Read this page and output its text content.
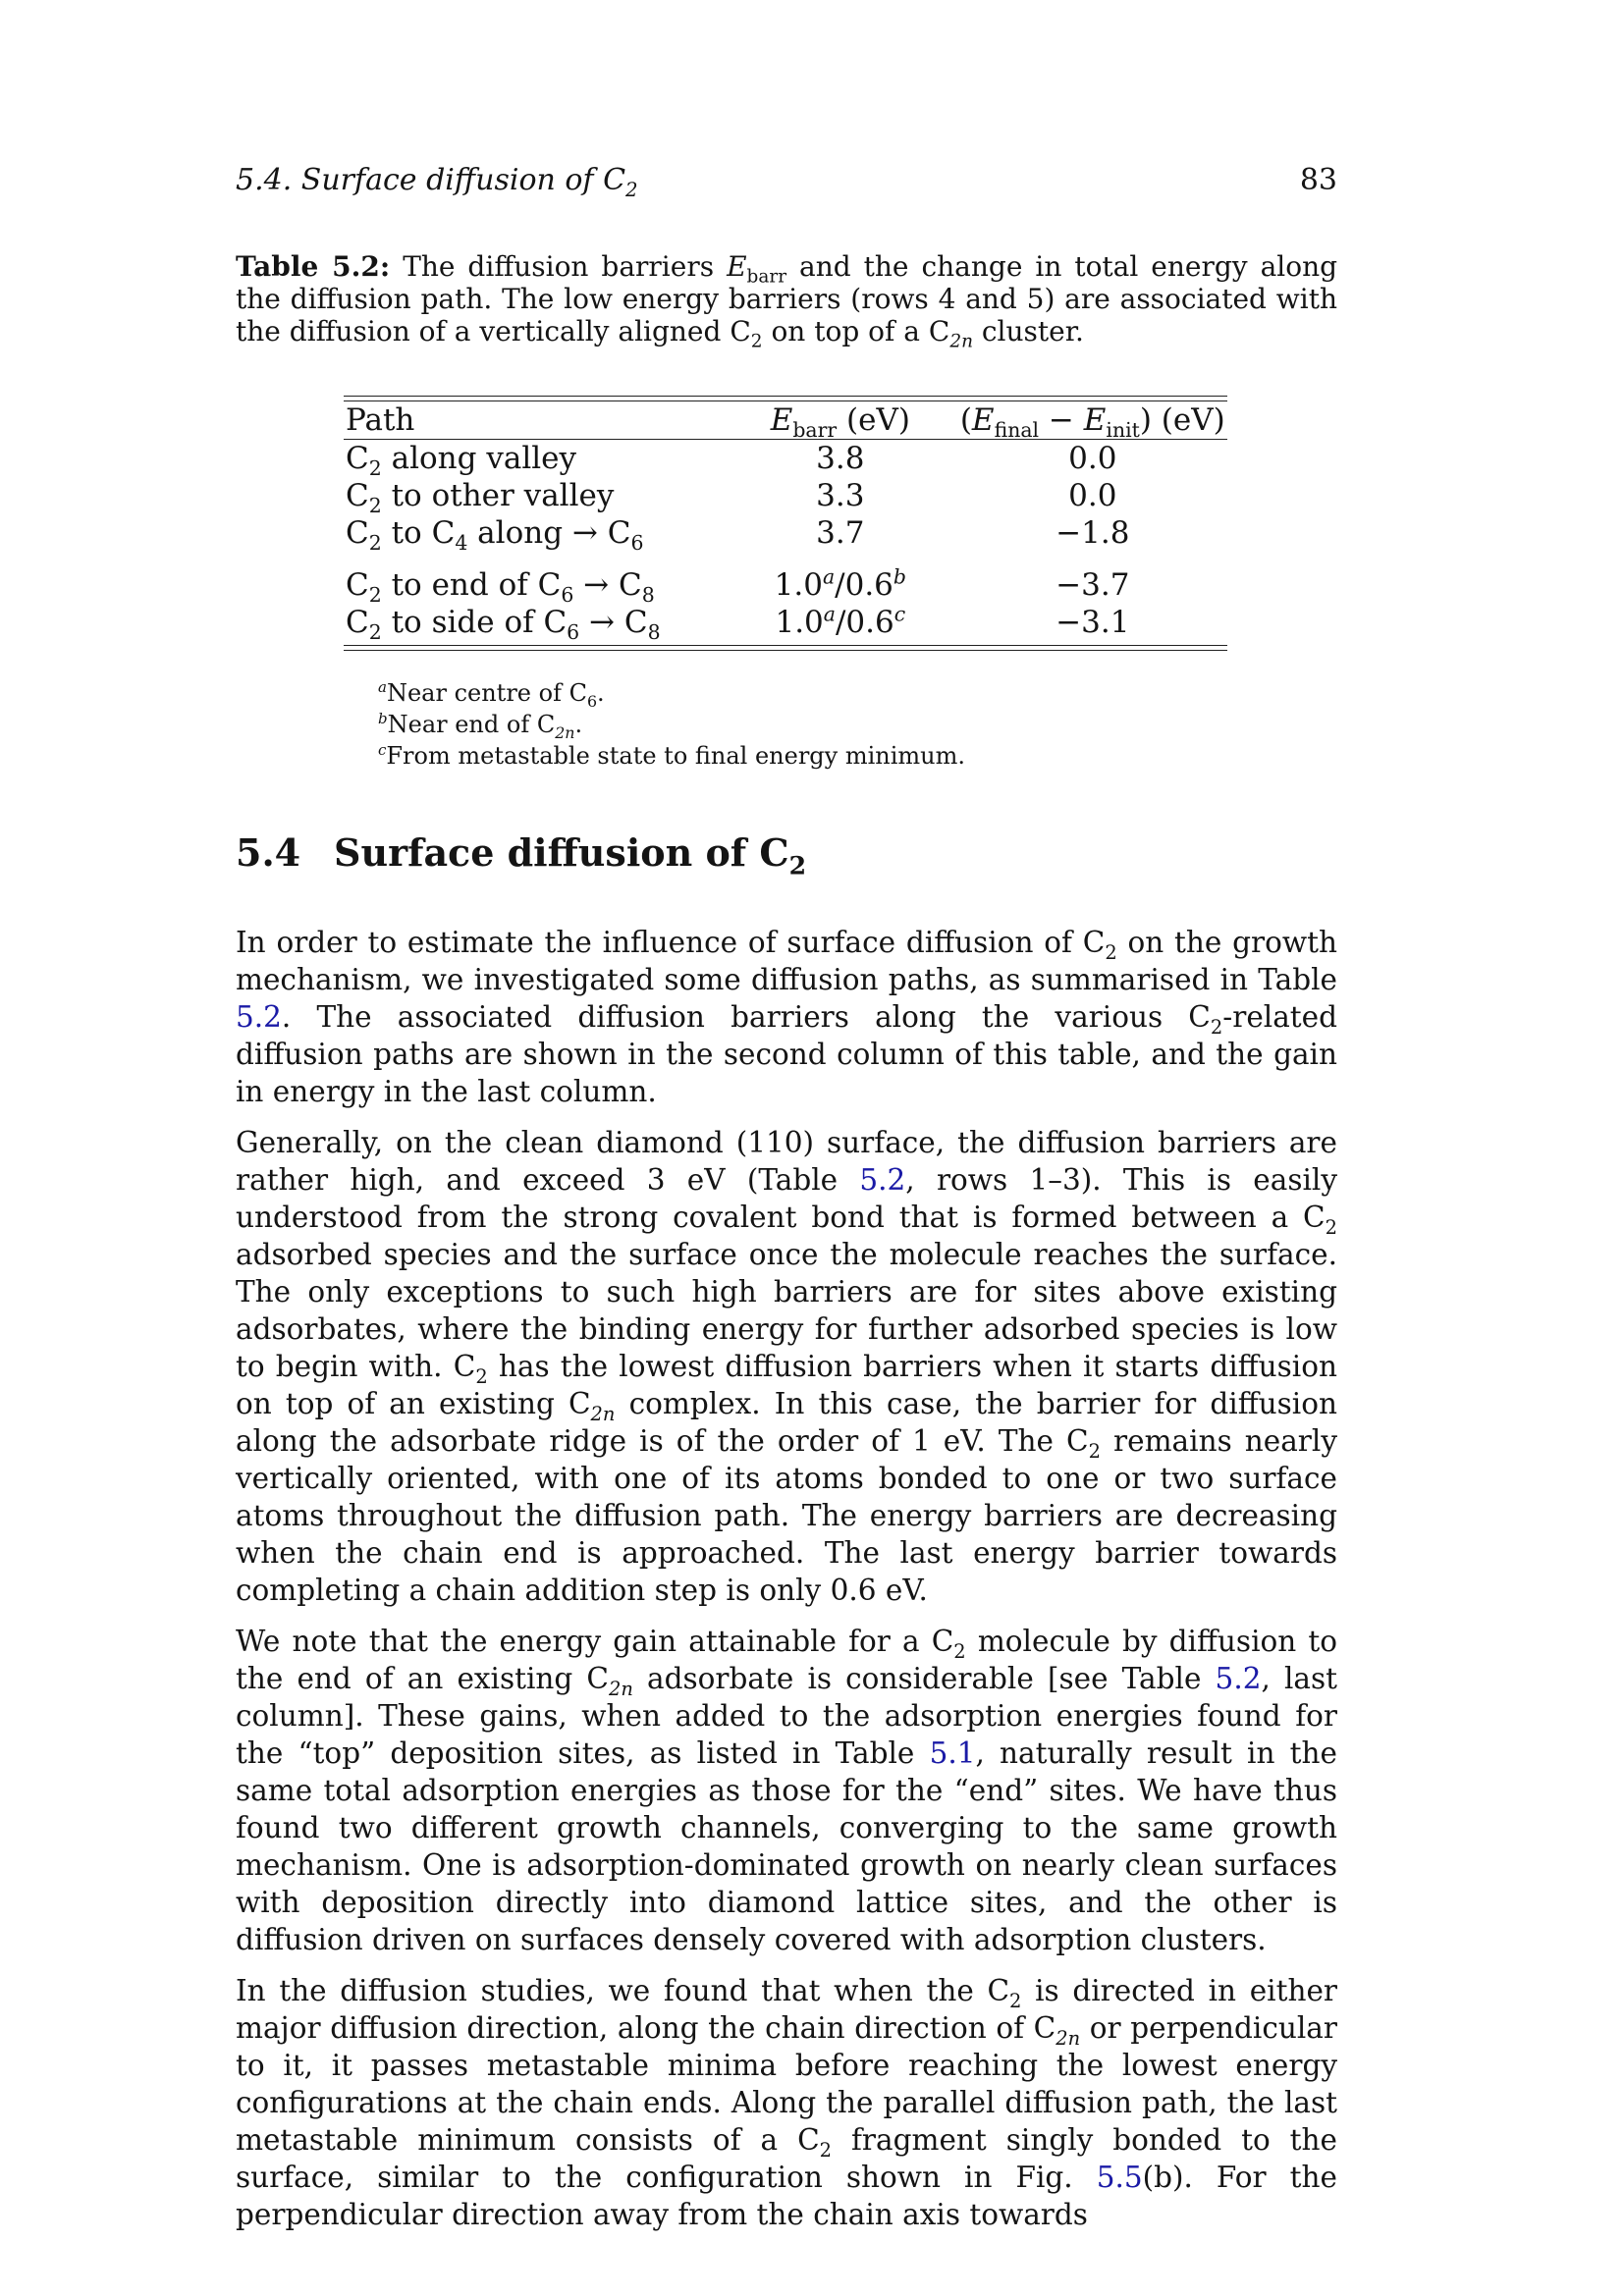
5.4. Surface diffusion of $C_2$	83
Table 5.2: The diffusion barriers $E_{barr}$ and the change in total energy along the diffusion path. The low energy barriers (rows 4 and 5) are associated with the diffusion of a vertically aligned $C_2$ on top of a $C_{2n}$ cluster.
Path	$E_{barr}$ (eV)	$(E_{final} - E_{init})$ (eV)
$C_2$ along valley	3.8	0.0
$C_2$ to other valley	3.3	0.0
$C_2$ to $C_4$ along → $C_6$	3.7	−1.8

$C_2$ to end of $C_6 \to C_8$	1.0$^a$/0.6$^b$	−3.7
$C_2$ to side of $C_6 \to C_8$	1.0$^a$/0.6$^c$	−3.1
$^a$Near centre of $C_6$.
$^b$Near end of $C_{2n}$.
$^c$From metastable state to final energy minimum.
5.4 Surface diffusion of $C_2$

In order to estimate the influence of surface diffusion of $C_2$ on the growth mechanism, we investigated some diffusion paths, as summarised in Table 5.2. The associated diffusion barriers along the various $C_2$-related diffusion paths are shown in the second column of this table, and the gain in energy in the last column.

Generally, on the clean diamond (110) surface, the diffusion barriers are rather high, and exceed 3 eV (Table 5.2, rows 1–3). This is easily understood from the strong covalent bond that is formed between a $C_2$ adsorbed species and the surface once the molecule reaches the surface. The only exceptions to such high barriers are for sites above existing adsorbates, where the binding energy for further adsorbed species is low to begin with. $C_2$ has the lowest diffusion barriers when it starts diffusion on top of an existing $C_{2n}$ complex. In this case, the barrier for diffusion along the adsorbate ridge is of the order of 1 eV. The $C_2$ remains nearly vertically oriented, with one of its atoms bonded to one or two surface atoms throughout the diffusion path. The energy barriers are decreasing when the chain end is approached. The last energy barrier towards completing a chain addition step is only 0.6 eV.

We note that the energy gain attainable for a $C_2$ molecule by diffusion to the end of an existing $C_{2n}$ adsorbate is considerable [see Table 5.2, last column]. These gains, when added to the adsorption energies found for the “top” deposition sites, as listed in Table 5.1, naturally result in the same total adsorption energies as those for the “end” sites. We have thus found two different growth channels, converging to the same growth mechanism. One is adsorption-dominated growth on nearly clean surfaces with deposition directly into diamond lattice sites, and the other is diffusion driven on surfaces densely covered with adsorption clusters.

In the diffusion studies, we found that when the $C_2$ is directed in either major diffusion direction, along the chain direction of $C_{2n}$ or perpendicular to it, it passes metastable minima before reaching the lowest energy configurations at the chain ends. Along the parallel diffusion path, the last metastable minimum consists of a $C_2$ fragment singly bonded to the surface, similar to the configuration shown in Fig. 5.5(b). For the perpendicular direction away from the chain axis towards
